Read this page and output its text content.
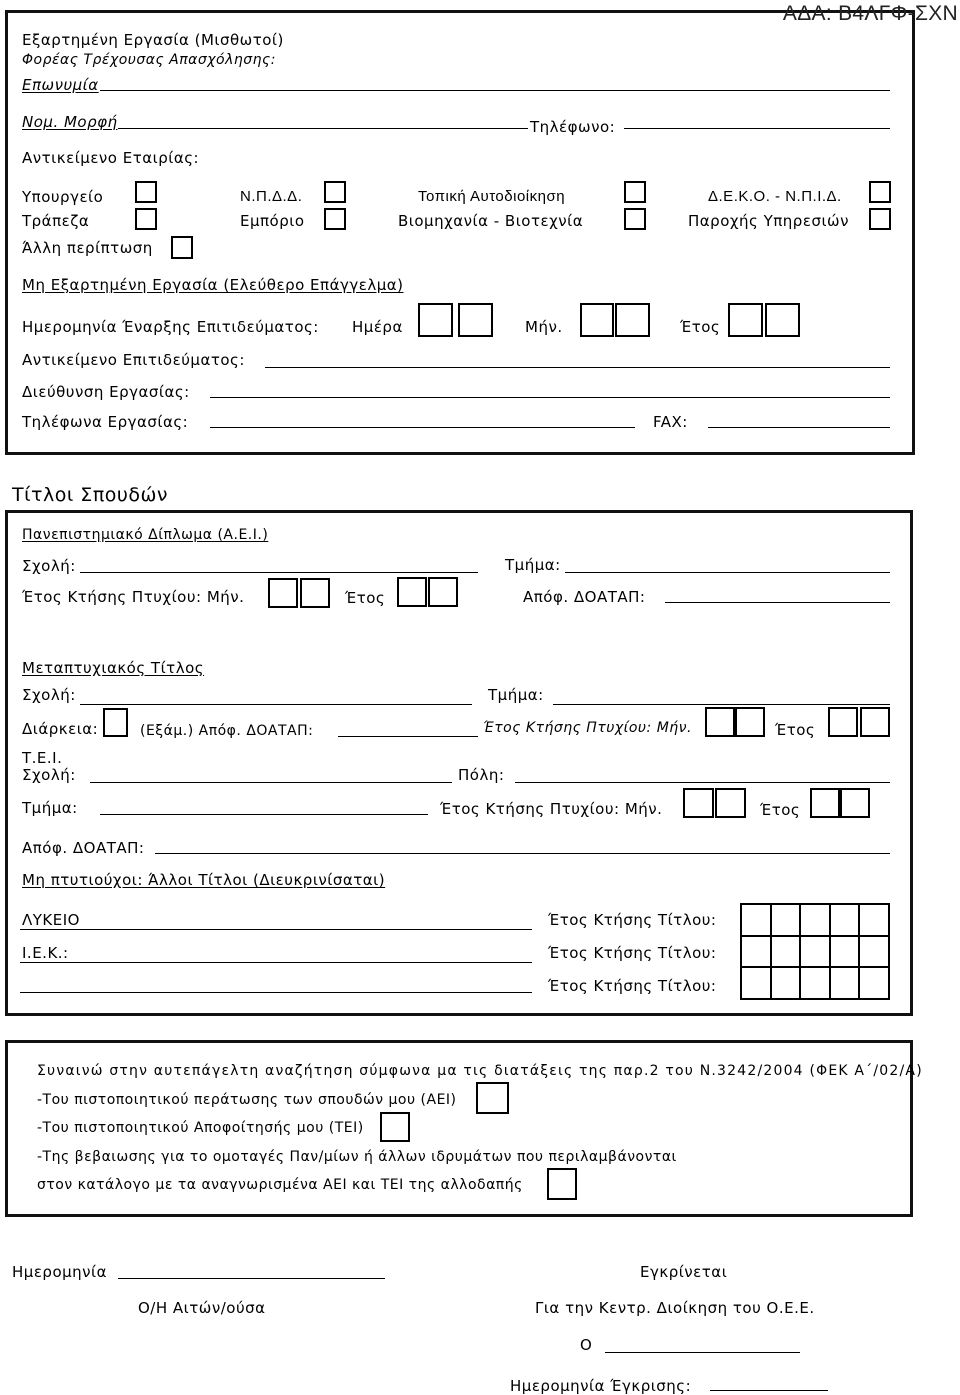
ΑΔΑ: Β4ΛΓΦ-ΣΧΝ
Εξαρτημένη Εργασία (Μισθωτοί)
Φορέας Τρέχουσας Απασχόλησης:
Επωνυμία
Νομ. Μορφή	Τηλέφωνο:
Αντικείμενο Εταιρίας:
Υπουργείο	Ν.Π.Δ.Δ.	Τοπική Αυτοδιοίκηση	Δ.Ε.Κ.Ο. - Ν.Π.Ι.Δ.
Τράπεζα	Εμπόριο	Βιομηχανία - Βιοτεχνία	Παροχής Υπηρεσιών
Άλλη περίπτωση
Μη Εξαρτημένη Εργασία (Ελεύθερο Επάγγελμα)
Ημερομηνία Έναρξης Επιτιδεύματος: Ημέρα	Μήν.	Έτος
Αντικείμενο Επιτιδεύματος:
Διεύθυνση Εργασίας:
Τηλέφωνα Εργασίας:	FAX:
Τίτλοι Σπουδών
Πανεπιστημιακό Δίπλωμα (Α.Ε.Ι.)
Σχολή:	Τμήμα:
Έτος Κτήσης Πτυχίου: Μήν.	Έτος	Απόφ. ΔΟΑΤΑΠ:
Μεταπτυχιακός Τίτλος
Σχολή:	Τμήμα:
Διάρκεια:	(Εξάμ.) Απόφ. ΔΟΑΤΑΠ:	Έτος Κτήσης Πτυχίου: Μήν.	Έτος
Τ.Ε.Ι.
Σχολή:	Πόλη:
Τμήμα:	Έτος Κτήσης Πτυχίου: Μήν.	Έτος
Απόφ. ΔΟΑΤΑΠ:
Μη πτυτιούχοι: Άλλοι Τίτλοι (Διευκρινίσαται)
ΛΥΚΕΙΟ	Έτος Κτήσης Τίτλου:
Ι.Ε.Κ.:	Έτος Κτήσης Τίτλου:
Έτος Κτήσης Τίτλου:
Συναινώ στην αυτεπάγελτη αναζήτηση σύμφωνα μα τις διατάξεις της παρ.2 του Ν.3242/2004 (ΦΕΚ Α΄/02/Α)
-Του πιστοποιητικού περάτωσης των σπουδών μου (ΑΕΙ)
-Του πιστοποιητικού Αποφοίτησής μου (ΤΕΙ)
-Της βεβαιωσης για το ομοταγές Παν/μίων ή άλλων ιδρυμάτων που περιλαμβάνονται
στον κατάλογο με τα αναγνωρισμένα ΑΕΙ και ΤΕΙ της αλλοδαπής
Ημερομηνία	Εγκρίνεται
Ο/Η Αιτών/ούσα	Για την Κεντρ. Διοίκηση του Ο.Ε.Ε.
Ο
Ημερομηνία Έγκρισης:
